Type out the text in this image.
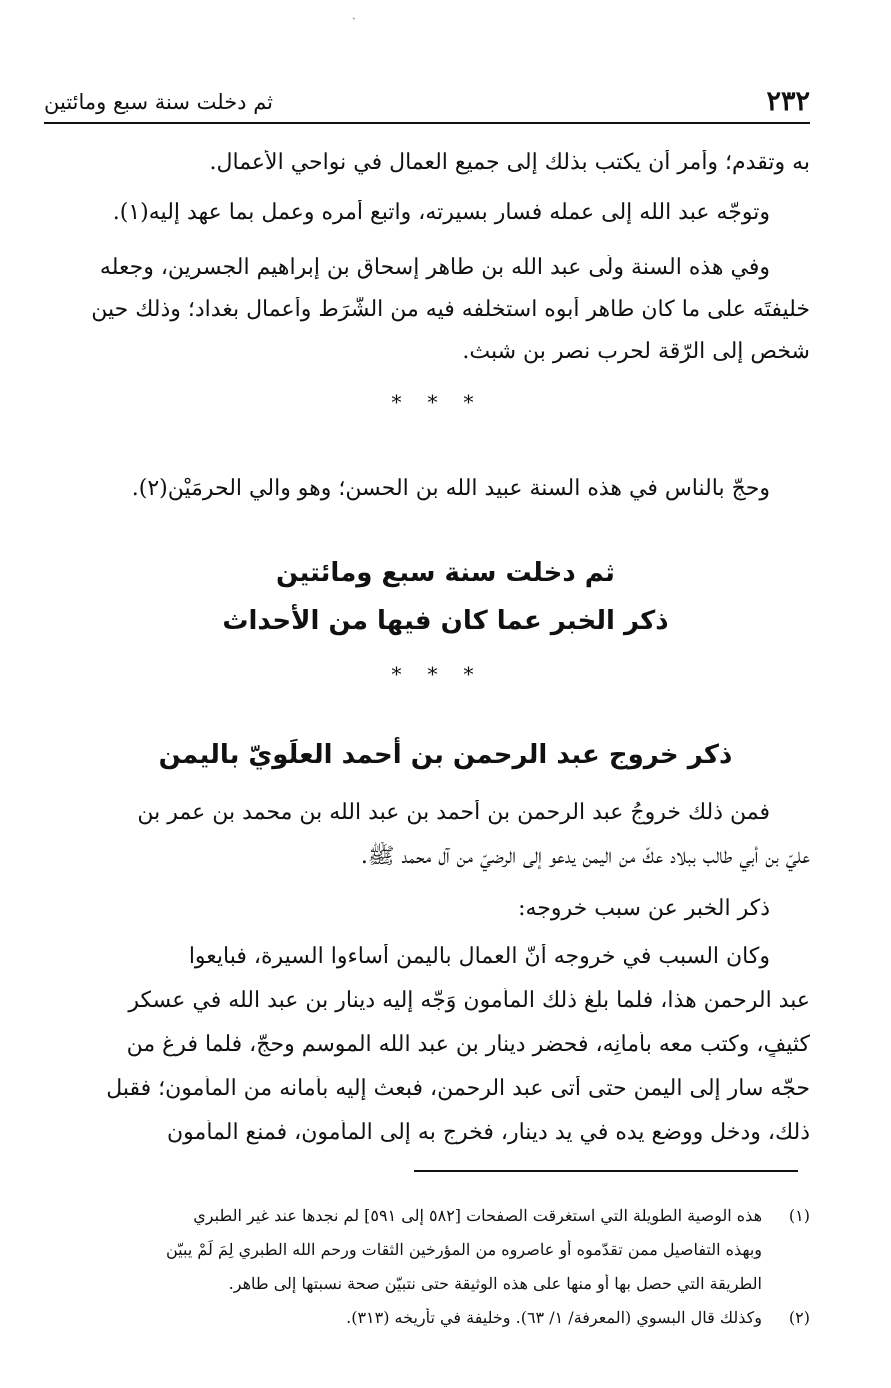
ˏ
٢٣٢
ثم دخلت سنة سبع ومائتين
به وتقدم؛ وأمر أن يكتب بذلك إلى جميع العمال في نواحي الأعمال.
وتوجّه عبد الله إلى عمله فسار بسيرته، واتبع أمره وعمل بما عهد إليه(١).
وفي هذه السنة ولّى عبد الله بن طاهر إسحاق بن إبراهيم الجسرين، وجعله
خليفتَه على ما كان طاهر أبوه استخلفه فيه من الشُّرَط وأعمال بغداد؛ وذلك حين
شخص إلى الرّقة لحرب نصر بن شبث.
***
وحجّ بالناس في هذه السنة عبيد الله بن الحسن؛ وهو والي الحرمَيْن(٢).
ثم دخلت سنة سبع ومائتين
ذكر الخبر عما كان فيها من الأحداث
***
ذكر خروج عبد الرحمن بن أحمد العلَويّ باليمن
فمن ذلك خروجُ عبد الرحمن بن أحمد بن عبد الله بن محمد بن عمر بن
عليّ بن أبي طالب ببلاد عكّ من اليمن يدعو إلى الرضيّ من آل محمد ﷺ.
ذكر الخبر عن سبب خروجه:
وكان السبب في خروجه أنّ العمال باليمن أساءوا السيرة، فبايعوا
عبد الرحمن هذا، فلما بلغ ذلك المأمون وَجّه إليه دينار بن عبد الله في عسكر
كثيفٍ، وكتب معه بأمانِه، فحضر دينار بن عبد الله الموسم وحجّ، فلما فرغ من
حجّه سار إلى اليمن حتى أتى عبد الرحمن، فبعث إليه بأمانه من المأمون؛ فقبل
ذلك، ودخل ووضع يده في يد دينار، فخرج به إلى المأمون، فمنع المأمون
(١)
هذه الوصية الطويلة التي استغرقت الصفحات [٥٨٢ إلى ٥٩١] لم نجدها عند غير الطبري
وبهذه التفاصيل ممن تقدّموه أو عاصروه من المؤرخين الثقات ورحم الله الطبري لِمَ لَمْ يبيّن
الطريقة التي حصل بها أو منها على هذه الوثيقة حتى نتبيّن صحة نسبتها إلى طاهر.
(٢)
وكذلك قال البسوي (المعرفة/ ١/ ٦٣). وخليفة في تأريخه (٣١٣).
